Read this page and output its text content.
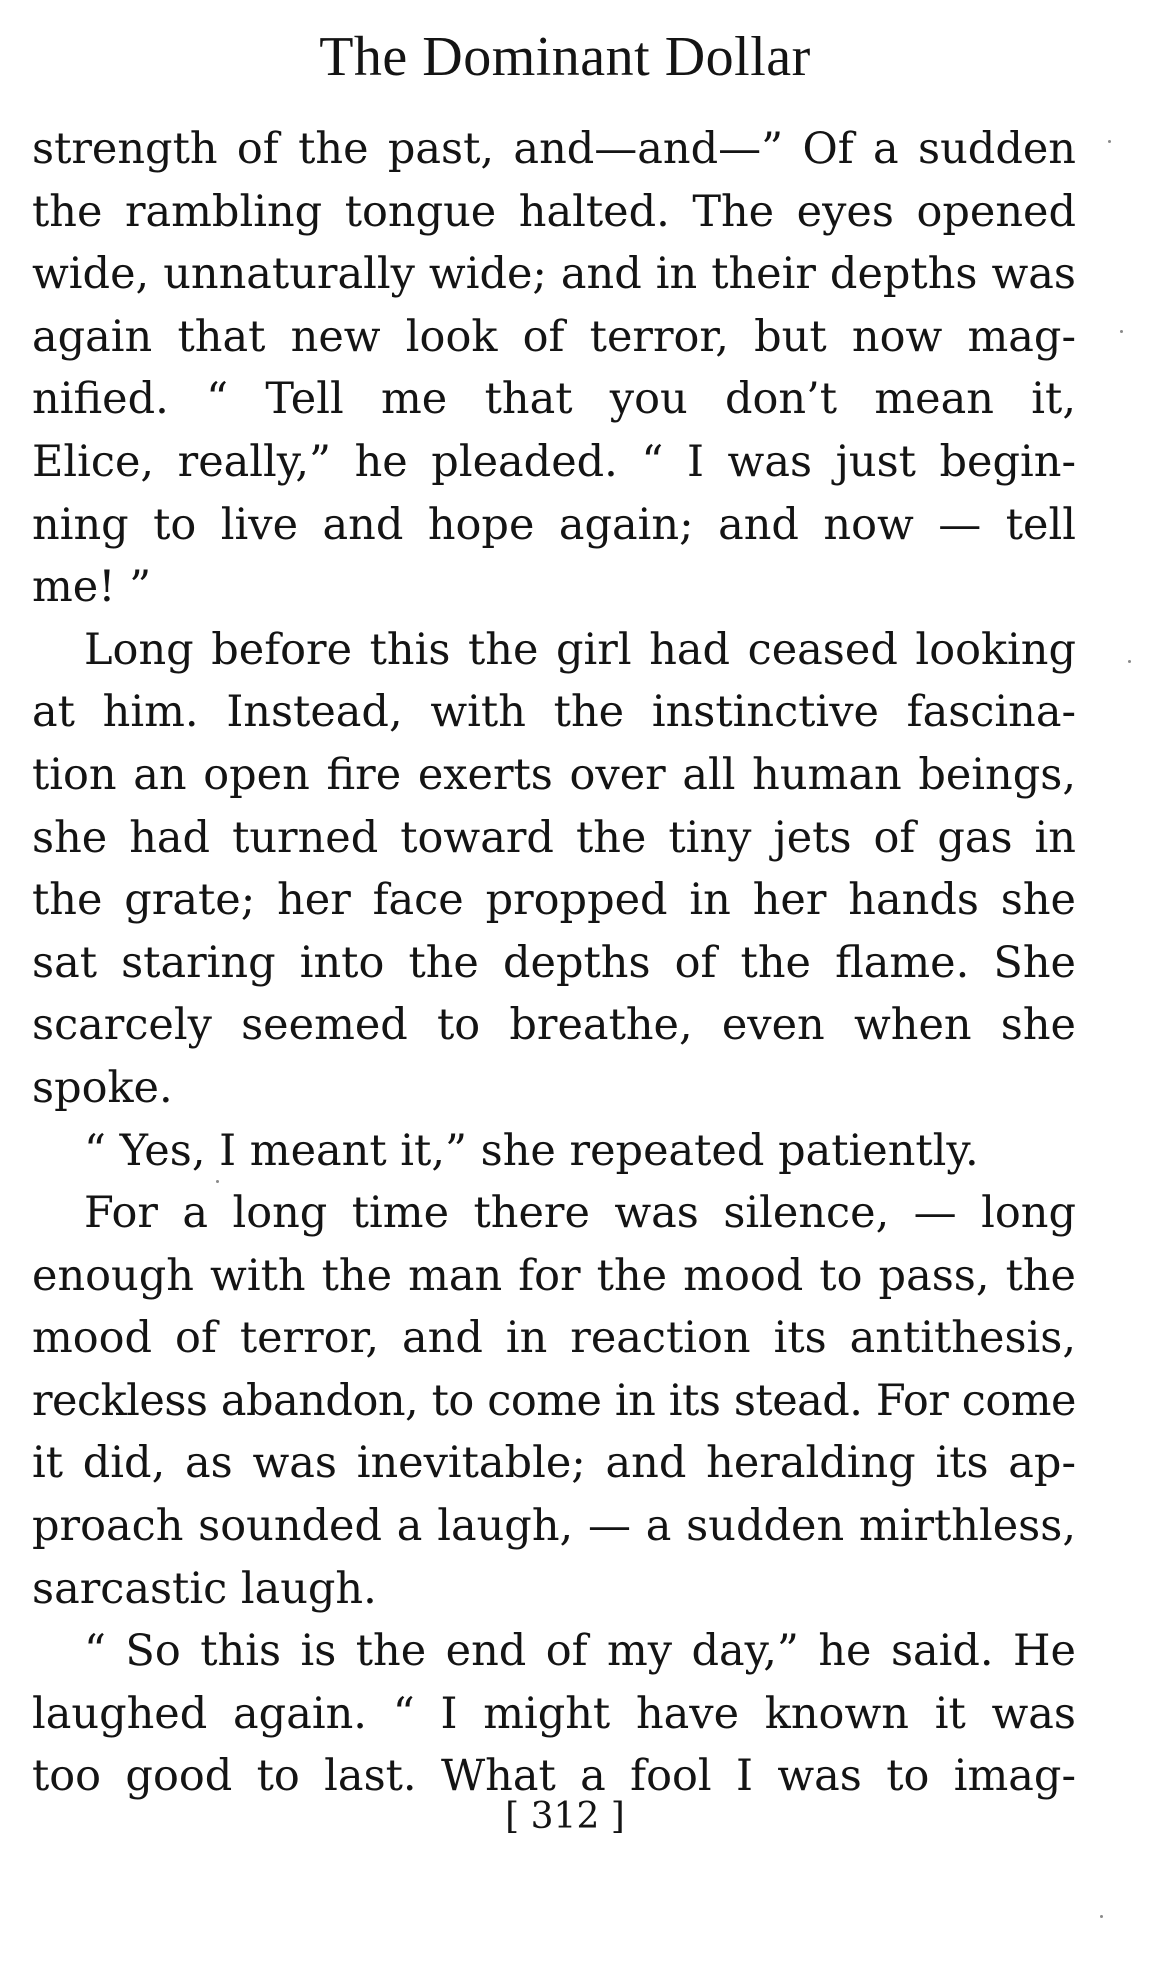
The Dominant Dollar
strength of the past, and—and—” Of a sudden
the rambling tongue halted. The eyes opened
wide, unnaturally wide; and in their depths was
again that new look of terror, but now mag-
nified. “ Tell me that you don’t mean it,
Elice, really,” he pleaded. “ I was just begin-
ning to live and hope again; and now — tell
me! ”
Long before this the girl had ceased looking
at him. Instead, with the instinctive fascina-
tion an open fire exerts over all human beings,
she had turned toward the tiny jets of gas in
the grate; her face propped in her hands she
sat staring into the depths of the flame. She
scarcely seemed to breathe, even when she
spoke.
“ Yes, I meant it,” she repeated patiently.
For a long time there was silence, — long
enough with the man for the mood to pass, the
mood of terror, and in reaction its antithesis,
reckless abandon, to come in its stead. For come
it did, as was inevitable; and heralding its ap-
proach sounded a laugh, — a sudden mirthless,
sarcastic laugh.
“ So this is the end of my day,” he said. He
laughed again. “ I might have known it was
too good to last. What a fool I was to imag-
[ 312 ]
